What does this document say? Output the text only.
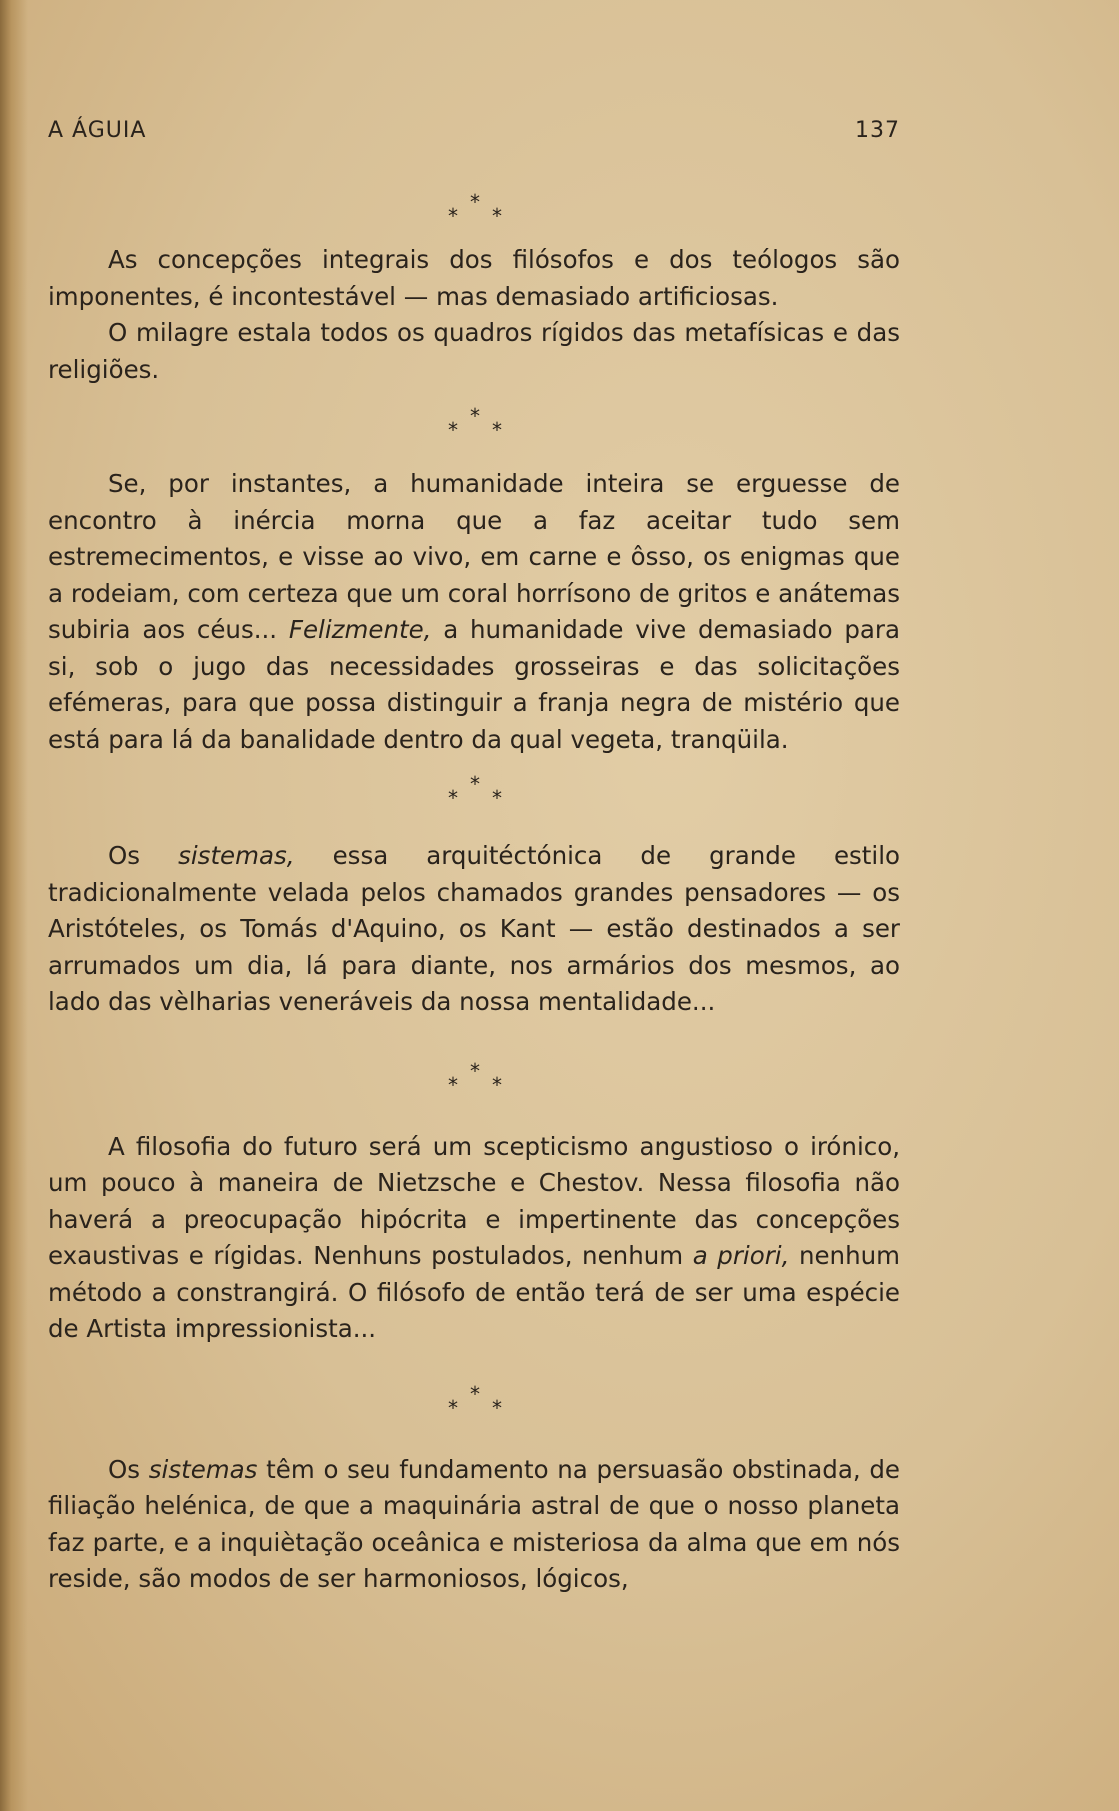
A ÁGUIA	137
*
*
*

As concepções integrais dos filósofos e dos teólogos são imponentes, é incontestável — mas demasiado artificiosas.

O milagre estala todos os quadros rígidos das metafísicas e das religiões.

*
*
*

Se, por instantes, a humanidade inteira se erguesse de encontro à inércia morna que a faz aceitar tudo sem estremecimentos, e visse ao vivo, em carne e ôsso, os enigmas que a rodeiam, com certeza que um coral horrísono de gritos e anátemas subiria aos céus... Felizmente, a humanidade vive demasiado para si, sob o jugo das necessidades grosseiras e das solicitações efémeras, para que possa distinguir a franja negra de mistério que está para lá da banalidade dentro da qual vegeta, tranqüila.

*
*
*

Os sistemas, essa arquitéctónica de grande estilo tradicionalmente velada pelos chamados grandes pensadores — os Aristóteles, os Tomás d'Aquino, os Kant — estão destinados a ser arrumados um dia, lá para diante, nos armários dos mesmos, ao lado das vèlharias veneráveis da nossa mentalidade...

*
*
*

A filosofia do futuro será um scepticismo angustioso o irónico, um pouco à maneira de Nietzsche e Chestov. Nessa filosofia não haverá a preocupação hipócrita e impertinente das concepções exaustivas e rígidas. Nenhuns postulados, nenhum a priori, nenhum método a constrangirá. O filósofo de então terá de ser uma espécie de Artista impressionista...

*
*
*

Os sistemas têm o seu fundamento na persuasão obstinada, de filiação helénica, de que a maquinária astral de que o nosso planeta faz parte, e a inquiètação oceânica e misteriosa da alma que em nós reside, são modos de ser harmoniosos, lógicos,
